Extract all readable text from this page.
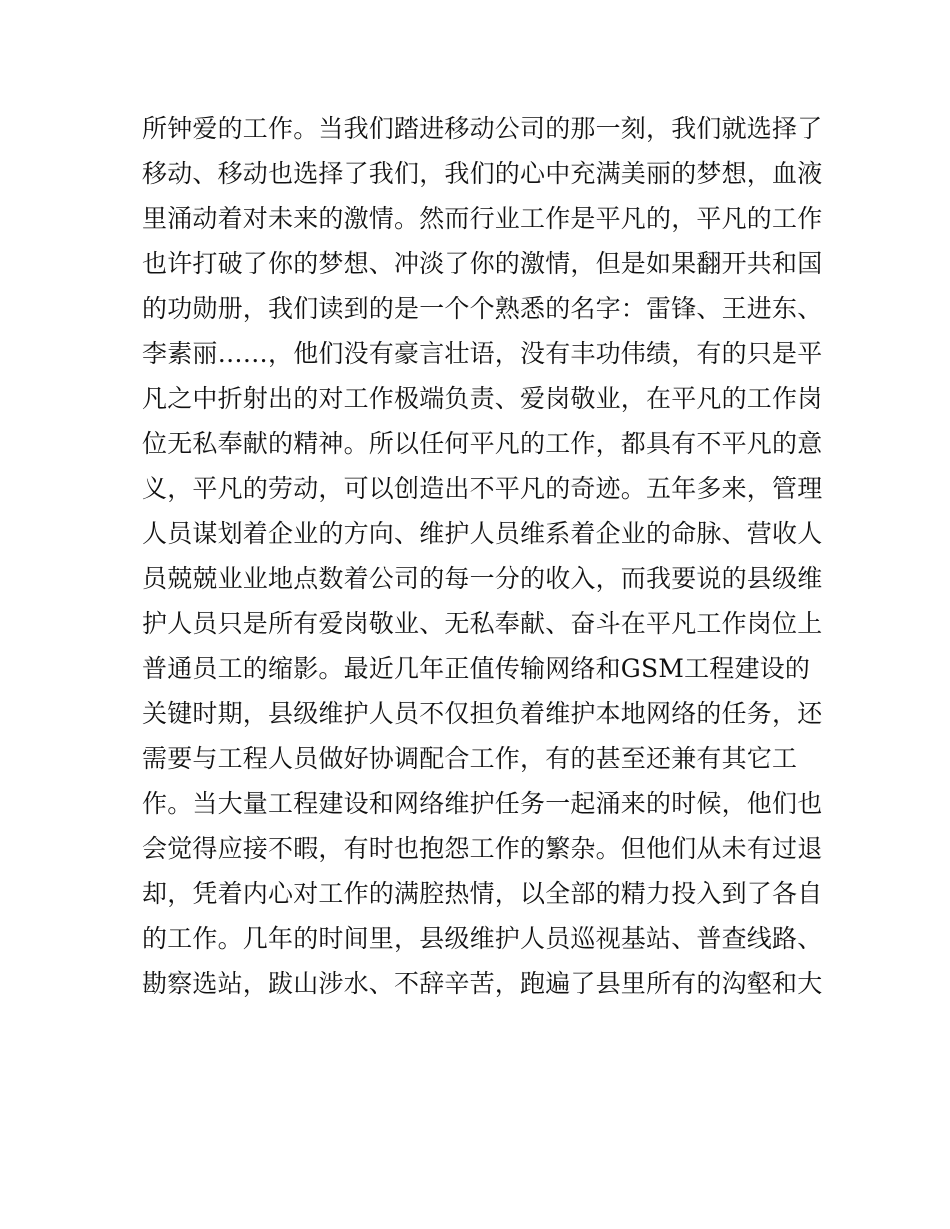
所钟爱的工作。当我们踏进移动公司的那一刻，我们就选择了
移动、移动也选择了我们，我们的心中充满美丽的梦想，血液
里涌动着对未来的激情。然而行业工作是平凡的，平凡的工作
也许打破了你的梦想、冲淡了你的激情，但是如果翻开共和国
的功勋册，我们读到的是一个个熟悉的名字：雷锋、王进东、
李素丽……，他们没有豪言壮语，没有丰功伟绩，有的只是平
凡之中折射出的对工作极端负责、爱岗敬业，在平凡的工作岗
位无私奉献的精神。所以任何平凡的工作，都具有不平凡的意
义，平凡的劳动，可以创造出不平凡的奇迹。五年多来，管理
人员谋划着企业的方向、维护人员维系着企业的命脉、营收人
员兢兢业业地点数着公司的每一分的收入，而我要说的县级维
护人员只是所有爱岗敬业、无私奉献、奋斗在平凡工作岗位上
普通员工的缩影。最近几年正值传输网络和GSM工程建设的
关键时期，县级维护人员不仅担负着维护本地网络的任务，还
需要与工程人员做好协调配合工作，有的甚至还兼有其它工
作。当大量工程建设和网络维护任务一起涌来的时候，他们也
会觉得应接不暇，有时也抱怨工作的繁杂。但他们从未有过退
却，凭着内心对工作的满腔热情，以全部的精力投入到了各自
的工作。几年的时间里，县级维护人员巡视基站、普查线路、
勘察选站，跋山涉水、不辞辛苦，跑遍了县里所有的沟壑和大
